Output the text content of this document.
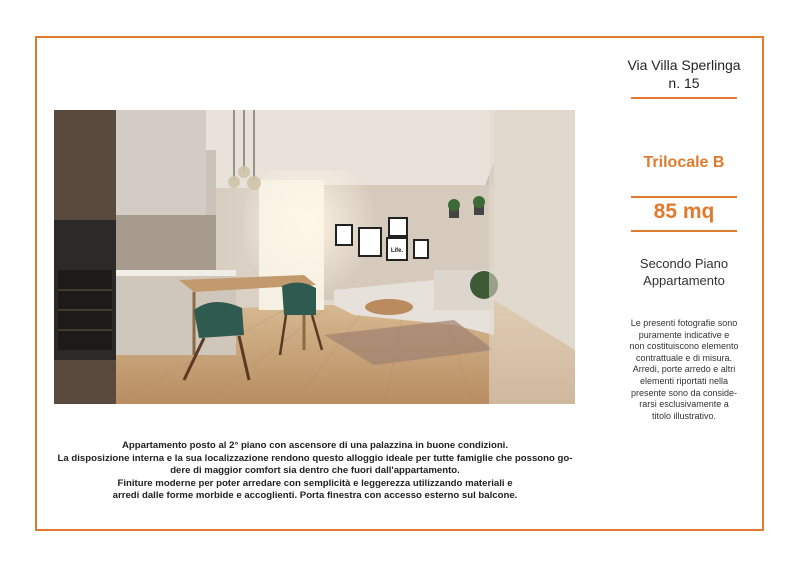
Life.
Via Villa Sperlinga
n. 15
Trilocale B
85 mq
Secondo Piano
Appartamento
Le presenti fotografie sono
puramente indicative e
non costituiscono elemento
contrattuale e di misura.
Arredi, porte arredo e altri
elementi riportati nella
presente sono da conside-
rarsi esclusivamente a
titolo illustrativo.
Appartamento posto al 2° piano con ascensore di una palazzina in buone condizioni.
La disposizione interna e la sua localizzazione rendono questo alloggio ideale per tutte famiglie che possono go-
dere di maggior comfort sia dentro che fuori dall'appartamento.
Finiture moderne per poter arredare con semplicità e leggerezza utilizzando materiali e
arredi dalle forme morbide e accoglienti. Porta finestra con accesso esterno sul balcone.
